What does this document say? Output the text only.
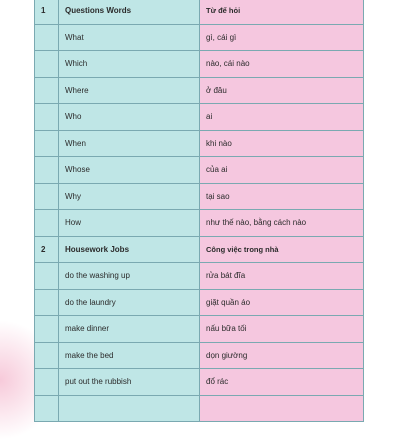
1	Questions Words	Từ để hỏi
	What	gì, cái gì
	Which	nào, cái nào
	Where	ở đâu
	Who	ai
	When	khi nào
	Whose	của ai
	Why	tại sao
	How	như thế nào, bằng cách nào
2	Housework Jobs	Công việc trong nhà
	do the washing up	rửa bát đĩa
	do the laundry	giặt quần áo
	make dinner	nấu bữa tối
	make the bed	dọn giường
	put out the rubbish	đổ rác
